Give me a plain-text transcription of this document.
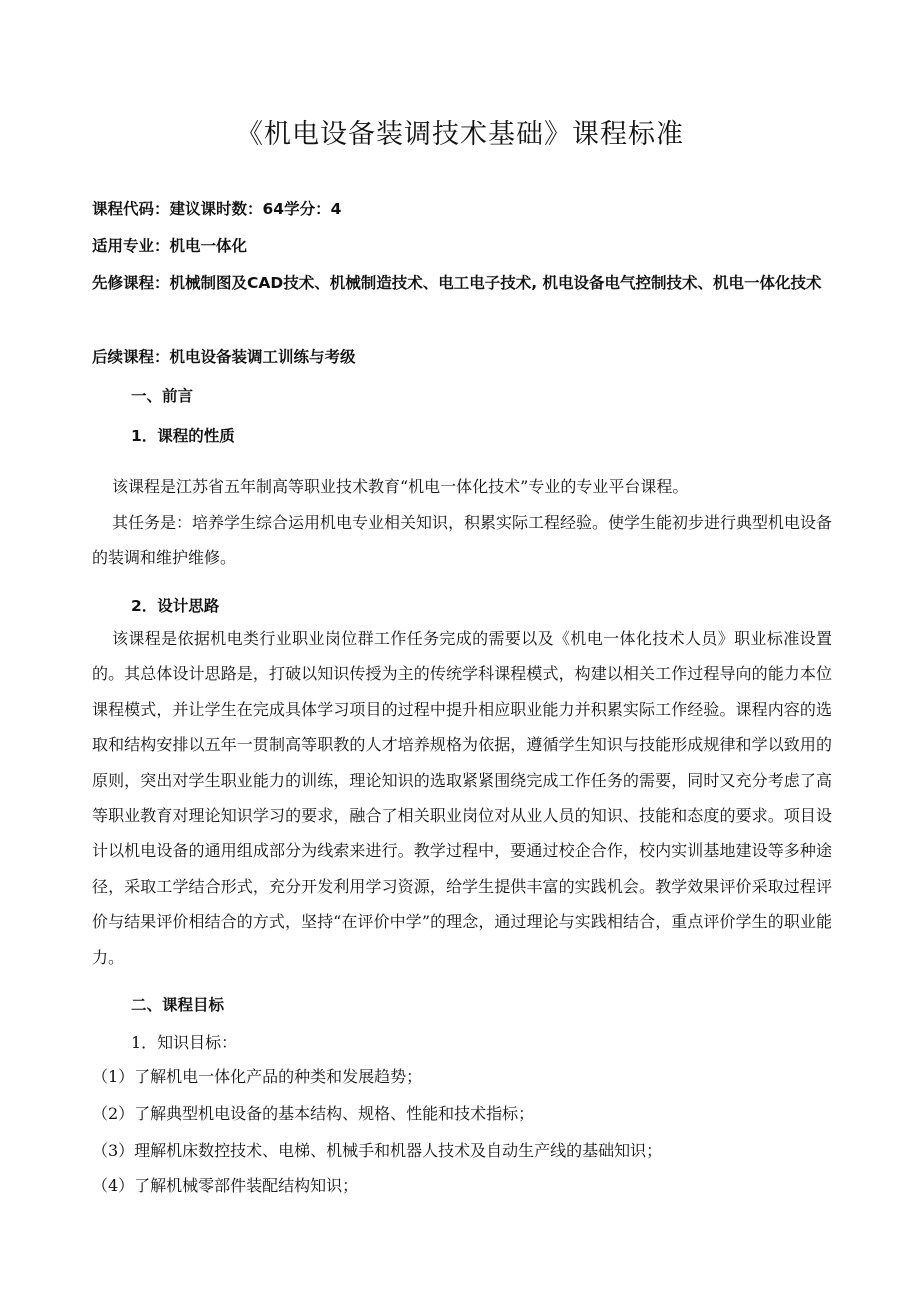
《机电设备装调技术基础》课程标准
课程代码：建议课时数：64学分：4
适用专业：机电一体化
先修课程：机械制图及CAD技术、机械制造技术、电工电子技术, 机电设备电气控制技术、机电一体化技术
后续课程：机电设备装调工训练与考级
一、前言
1．课程的性质
该课程是江苏省五年制高等职业技术教育“机电一体化技术”专业的专业平台课程。
其任务是：培养学生综合运用机电专业相关知识，积累实际工程经验。使学生能初步进行典型机电设备的装调和维护维修。
2．设计思路
该课程是依据机电类行业职业岗位群工作任务完成的需要以及《机电一体化技术人员》职业标准设置的。其总体设计思路是，打破以知识传授为主的传统学科课程模式，构建以相关工作过程导向的能力本位课程模式，并让学生在完成具体学习项目的过程中提升相应职业能力并积累实际工作经验。课程内容的选取和结构安排以五年一贯制高等职教的人才培养规格为依据，遵循学生知识与技能形成规律和学以致用的原则，突出对学生职业能力的训练，理论知识的选取紧紧围绕完成工作任务的需要，同时又充分考虑了高等职业教育对理论知识学习的要求，融合了相关职业岗位对从业人员的知识、技能和态度的要求。项目设计以机电设备的通用组成部分为线索来进行。教学过程中，要通过校企合作，校内实训基地建设等多种途径，采取工学结合形式，充分开发利用学习资源，给学生提供丰富的实践机会。教学效果评价采取过程评价与结果评价相结合的方式，坚持“在评价中学”的理念，通过理论与实践相结合，重点评价学生的职业能力。
二、课程目标
1．知识目标：
（1）了解机电一体化产品的种类和发展趋势；
（2）了解典型机电设备的基本结构、规格、性能和技术指标；
（3）理解机床数控技术、电梯、机械手和机器人技术及自动生产线的基础知识；
（4）了解机械零部件装配结构知识；
